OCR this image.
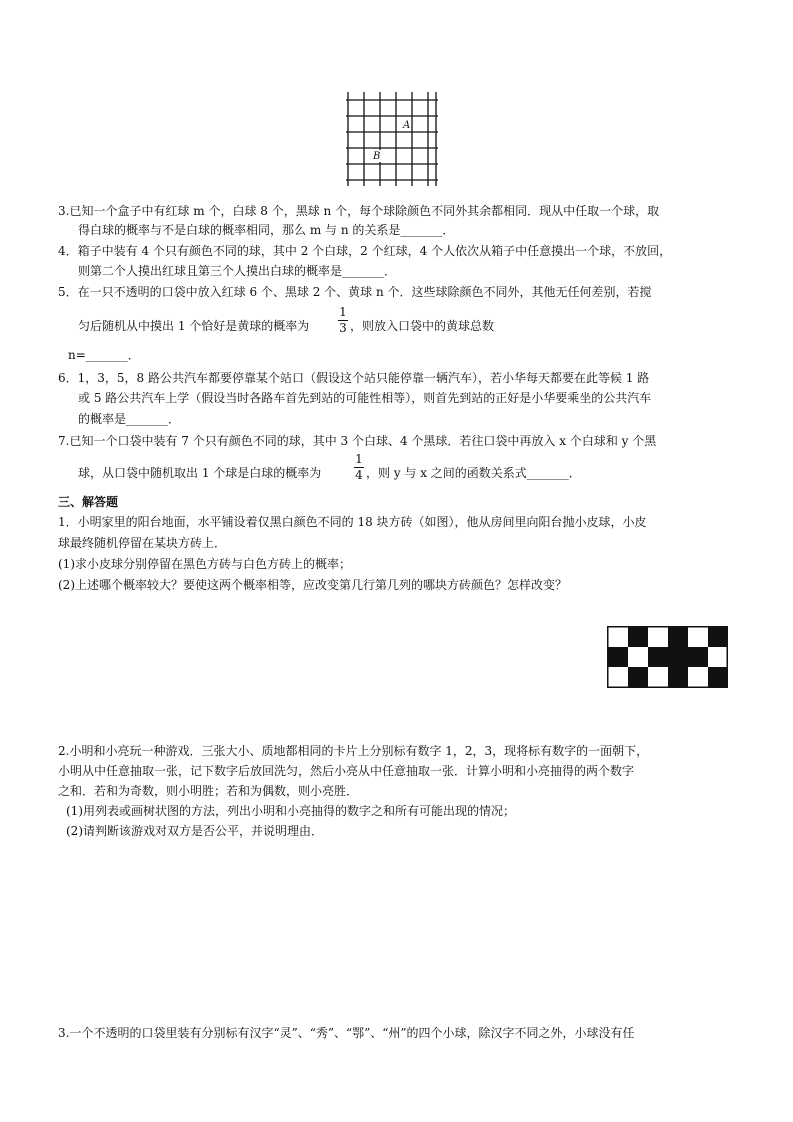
A
B
3.已知一个盒子中有红球 m 个，白球 8 个，黑球 n 个，每个球除颜色不同外其余都相同．现从中任取一个球，取
得白球的概率与不是白球的概率相同，那么 m 与 n 的关系是_______．
4．箱子中装有 4 个只有颜色不同的球，其中 2 个白球，2 个红球，4 个人依次从箱子中任意摸出一个球，不放回，
则第二个人摸出红球且第三个人摸出白球的概率是_______．
5．在一只不透明的口袋中放入红球 6 个、黑球 2 个、黄球 n 个．这些球除颜色不同外，其他无任何差别，若搅
匀后随机从中摸出 1 个恰好是黄球的概率为
1
3 ，则放入口袋中的黄球总数
n=_______．
6．1，3，5，8 路公共汽车都要停靠某个站口（假设这个站只能停靠一辆汽车），若小华每天都要在此等候 1 路
或 5 路公共汽车上学（假设当时各路车首先到站的可能性相等），则首先到站的正好是小华要乘坐的公共汽车
的概率是_______．
7.已知一个口袋中装有 7 个只有颜色不同的球，其中 3 个白球、4 个黑球．若往口袋中再放入 x 个白球和 y 个黑
球，从口袋中随机取出 1 个球是白球的概率为
1
4 ，则 y 与 x 之间的函数关系式_______．
三、解答题
1．小明家里的阳台地面，水平铺设着仅黑白颜色不同的 18 块方砖（如图），他从房间里向阳台抛小皮球，小皮
球最终随机停留在某块方砖上．
(1)求小皮球分别停留在黑色方砖与白色方砖上的概率；
(2)上述哪个概率较大？要使这两个概率相等，应改变第几行第几列的哪块方砖颜色？怎样改变？
2.小明和小亮玩一种游戏．三张大小、质地都相同的卡片上分别标有数字 1，2，3，现将标有数字的一面朝下，
小明从中任意抽取一张，记下数字后放回洗匀，然后小亮从中任意抽取一张．计算小明和小亮抽得的两个数字
之和．若和为奇数，则小明胜；若和为偶数，则小亮胜．
(1)用列表或画树状图的方法，列出小明和小亮抽得的数字之和所有可能出现的情况；
(2)请判断该游戏对双方是否公平，并说明理由．
3.一个不透明的口袋里装有分别标有汉字“灵”、“秀”、“鄂”、“州”的四个小球，除汉字不同之外，小球没有任
